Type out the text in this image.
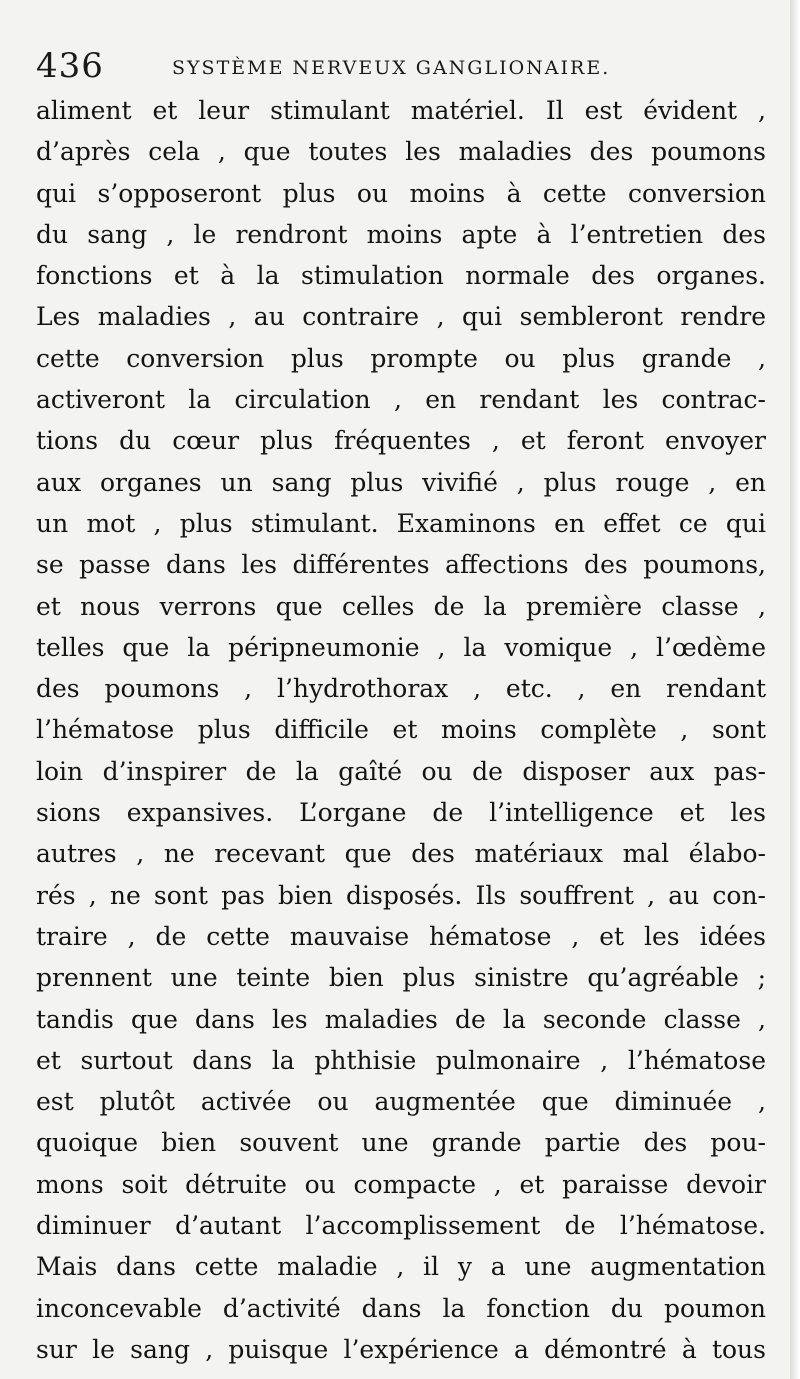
436	SYSTÈME NERVEUX GANGLIONAIRE.
aliment et leur stimulant matériel. Il est évident ,
d’après cela , que toutes les maladies des poumons
qui s’opposeront plus ou moins à cette conversion
du sang , le rendront moins apte à l’entretien des
fonctions et à la stimulation normale des organes.
Les maladies , au contraire , qui sembleront rendre
cette conversion plus prompte ou plus grande ,
activeront la circulation , en rendant les contrac-
tions du cœur plus fréquentes , et feront envoyer
aux organes un sang plus vivifié , plus rouge , en
un mot , plus stimulant. Examinons en effet ce qui
se passe dans les différentes affections des poumons,
et nous verrons que celles de la première classe ,
telles que la péripneumonie , la vomique , l’œdème
des poumons , l’hydrothorax , etc. , en rendant
l’hématose plus difficile et moins complète , sont
loin d’inspirer de la gaîté ou de disposer aux pas-
sions expansives. L’organe de l’intelligence et les
autres , ne recevant que des matériaux mal élabo-
rés , ne sont pas bien disposés. Ils souffrent , au con-
traire , de cette mauvaise hématose , et les idées
prennent une teinte bien plus sinistre qu’agréable ;
tandis que dans les maladies de la seconde classe ,
et surtout dans la phthisie pulmonaire , l’hématose
est plutôt activée ou augmentée que diminuée ,
quoique bien souvent une grande partie des pou-
mons soit détruite ou compacte , et paraisse devoir
diminuer d’autant l’accomplissement de l’hématose.
Mais dans cette maladie , il y a une augmentation
inconcevable d’activité dans la fonction du poumon
sur le sang , puisque l’expérience a démontré à tous
